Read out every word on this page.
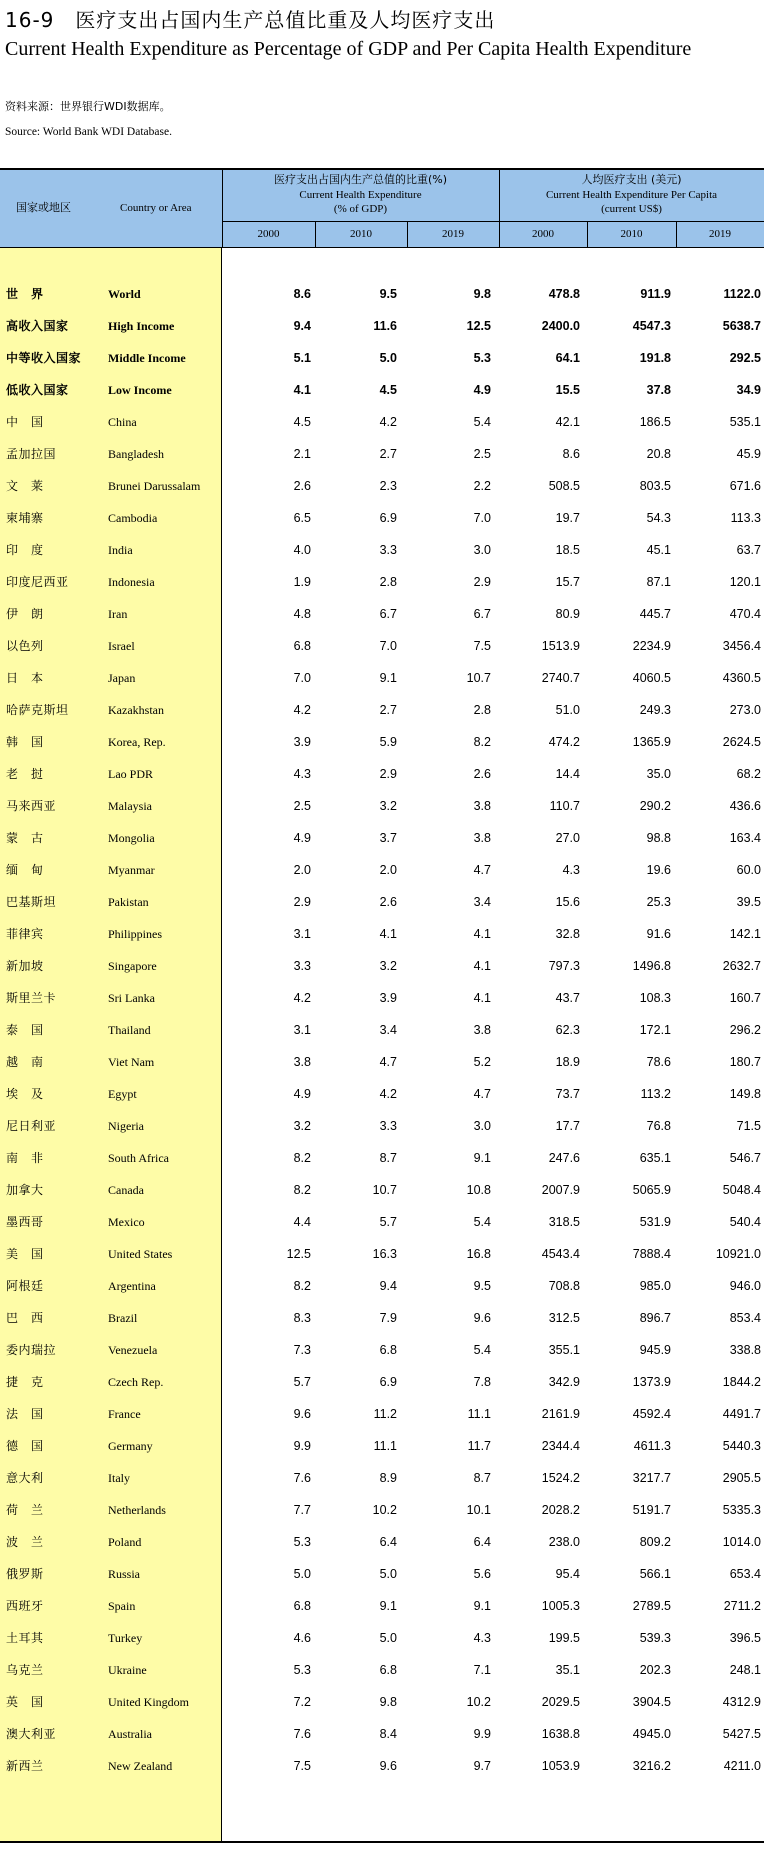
16-9　医疗支出占国内生产总值比重及人均医疗支出
Current Health Expenditure as Percentage of GDP and Per Capita Health Expenditure
资料来源：世界银行WDI数据库。
Source: World Bank WDI Database.
国家或地区	Country or Area
医疗支出占国内生产总值的比重(%)
Current Health Expenditure
(% of GDP)
人均医疗支出 (美元)
Current Health Expenditure Per Capita
(current US$)
2000	2010	2019	2000	2010	2019
世　界	World	8.6	9.5	9.8	478.8	911.9	1122.0
高收入国家	High Income	9.4	11.6	12.5	2400.0	4547.3	5638.7
中等收入国家 Middle Income	5.1	5.0	5.3	64.1	191.8	292.5
低收入国家	Low Income	4.1	4.5	4.9	15.5	37.8	34.9
中　国	China	4.5	4.2	5.4	42.1	186.5	535.1
孟加拉国	Bangladesh	2.1	2.7	2.5	8.6	20.8	45.9
文　莱	Brunei Darussalam	2.6	2.3	2.2	508.5	803.5	671.6
柬埔寨	Cambodia	6.5	6.9	7.0	19.7	54.3	113.3
印　度	India	4.0	3.3	3.0	18.5	45.1	63.7
印度尼西亚	Indonesia	1.9	2.8	2.9	15.7	87.1	120.1
伊　朗	Iran	4.8	6.7	6.7	80.9	445.7	470.4
以色列	Israel	6.8	7.0	7.5	1513.9	2234.9	3456.4
日　本	Japan	7.0	9.1	10.7	2740.7	4060.5	4360.5
哈萨克斯坦	Kazakhstan	4.2	2.7	2.8	51.0	249.3	273.0
韩　国	Korea, Rep.	3.9	5.9	8.2	474.2	1365.9	2624.5
老　挝	Lao PDR	4.3	2.9	2.6	14.4	35.0	68.2
马来西亚	Malaysia	2.5	3.2	3.8	110.7	290.2	436.6
蒙　古	Mongolia	4.9	3.7	3.8	27.0	98.8	163.4
缅　甸	Myanmar	2.0	2.0	4.7	4.3	19.6	60.0
巴基斯坦	Pakistan	2.9	2.6	3.4	15.6	25.3	39.5
菲律宾	Philippines	3.1	4.1	4.1	32.8	91.6	142.1
新加坡	Singapore	3.3	3.2	4.1	797.3	1496.8	2632.7
斯里兰卡	Sri Lanka	4.2	3.9	4.1	43.7	108.3	160.7
泰　国	Thailand	3.1	3.4	3.8	62.3	172.1	296.2
越　南	Viet Nam	3.8	4.7	5.2	18.9	78.6	180.7
埃　及	Egypt	4.9	4.2	4.7	73.7	113.2	149.8
尼日利亚	Nigeria	3.2	3.3	3.0	17.7	76.8	71.5
南　非	South Africa	8.2	8.7	9.1	247.6	635.1	546.7
加拿大	Canada	8.2	10.7	10.8	2007.9	5065.9	5048.4
墨西哥	Mexico	4.4	5.7	5.4	318.5	531.9	540.4
美　国	United States	12.5	16.3	16.8	4543.4	7888.4	10921.0
阿根廷	Argentina	8.2	9.4	9.5	708.8	985.0	946.0
巴　西	Brazil	8.3	7.9	9.6	312.5	896.7	853.4
委内瑞拉	Venezuela	7.3	6.8	5.4	355.1	945.9	338.8
捷　克	Czech Rep.	5.7	6.9	7.8	342.9	1373.9	1844.2
法　国	France	9.6	11.2	11.1	2161.9	4592.4	4491.7
德　国	Germany	9.9	11.1	11.7	2344.4	4611.3	5440.3
意大利	Italy	7.6	8.9	8.7	1524.2	3217.7	2905.5
荷　兰	Netherlands	7.7	10.2	10.1	2028.2	5191.7	5335.3
波　兰	Poland	5.3	6.4	6.4	238.0	809.2	1014.0
俄罗斯	Russia	5.0	5.0	5.6	95.4	566.1	653.4
西班牙	Spain	6.8	9.1	9.1	1005.3	2789.5	2711.2
土耳其	Turkey	4.6	5.0	4.3	199.5	539.3	396.5
乌克兰	Ukraine	5.3	6.8	7.1	35.1	202.3	248.1
英　国	United Kingdom	7.2	9.8	10.2	2029.5	3904.5	4312.9
澳大利亚	Australia	7.6	8.4	9.9	1638.8	4945.0	5427.5
新西兰	New Zealand	7.5	9.6	9.7	1053.9	3216.2	4211.0
